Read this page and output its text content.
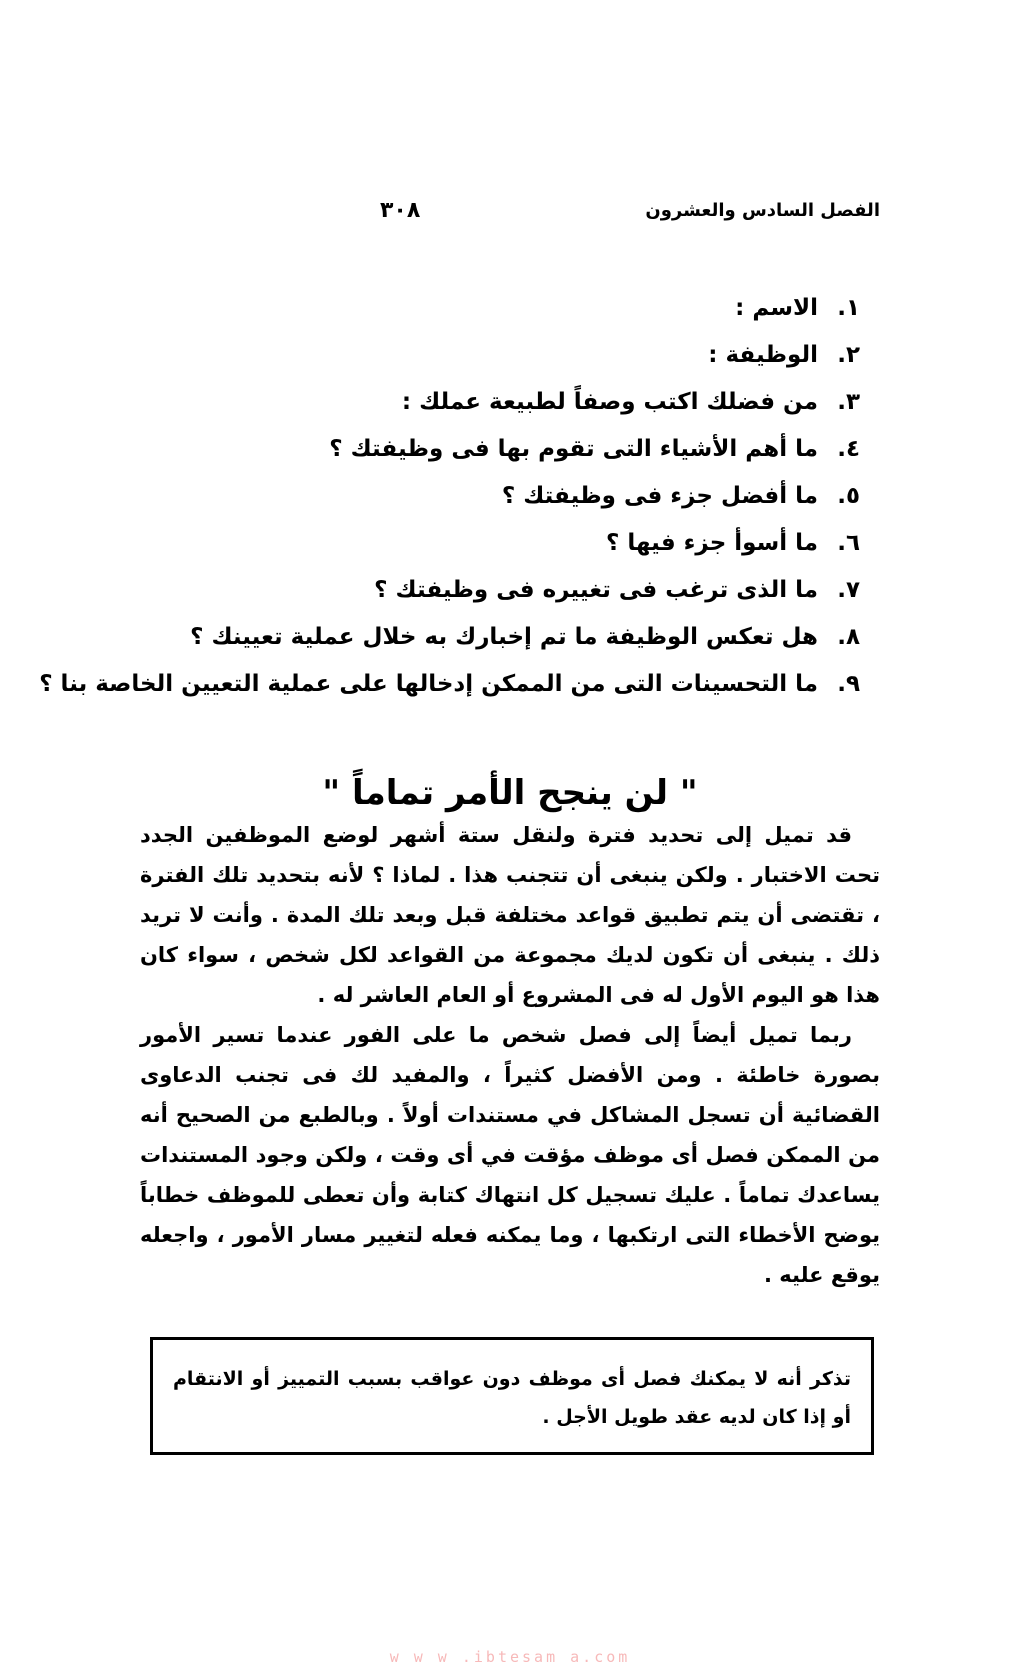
الفصل السادس والعشرون
٣٠٨
١. الاسم :
٢. الوظيفة :
٣. من فضلك اكتب وصفاً لطبيعة عملك :
٤. ما أهم الأشياء التى تقوم بها فى وظيفتك ؟
٥. ما أفضل جزء فى وظيفتك ؟
٦. ما أسوأ جزء فيها ؟
٧. ما الذى ترغب فى تغييره فى وظيفتك ؟
٨. هل تعكس الوظيفة ما تم إخبارك به خلال عملية تعيينك ؟
٩. ما التحسينات التى من الممكن إدخالها على عملية التعيين الخاصة بنا ؟
" لن ينجح الأمر تماماً "

قد تميل إلى تحديد فترة ولنقل ستة أشهر لوضع الموظفين الجدد تحت الاختبار . ولكن ينبغى أن تتجنب هذا . لماذا ؟ لأنه بتحديد تلك الفترة ، تقتضى أن يتم تطبيق قواعد مختلفة قبل وبعد تلك المدة . وأنت لا تريد ذلك . ينبغى أن تكون لديك مجموعة من القواعد لكل شخص ، سواء كان هذا هو اليوم الأول له فى المشروع أو العام العاشر له .

ربما تميل أيضاً إلى فصل شخص ما على الفور عندما تسير الأمور بصورة خاطئة . ومن الأفضل كثيراً ، والمفيد لك فى تجنب الدعاوى القضائية أن تسجل المشاكل في مستندات أولاً . وبالطبع من الصحيح أنه من الممكن فصل أى موظف مؤقت في أى وقت ، ولكن وجود المستندات يساعدك تماماً . عليك تسجيل كل انتهاك كتابة وأن تعطى للموظف خطاباً يوضح الأخطاء التى ارتكبها ، وما يمكنه فعله لتغيير مسار الأمور ، واجعله يوقع عليه .

تذكر أنه لا يمكنك فصل أى موظف دون عواقب بسبب التمييز أو الانتقام أو إذا كان لديه عقد طويل الأجل .
w w w .ibtesam a.com
